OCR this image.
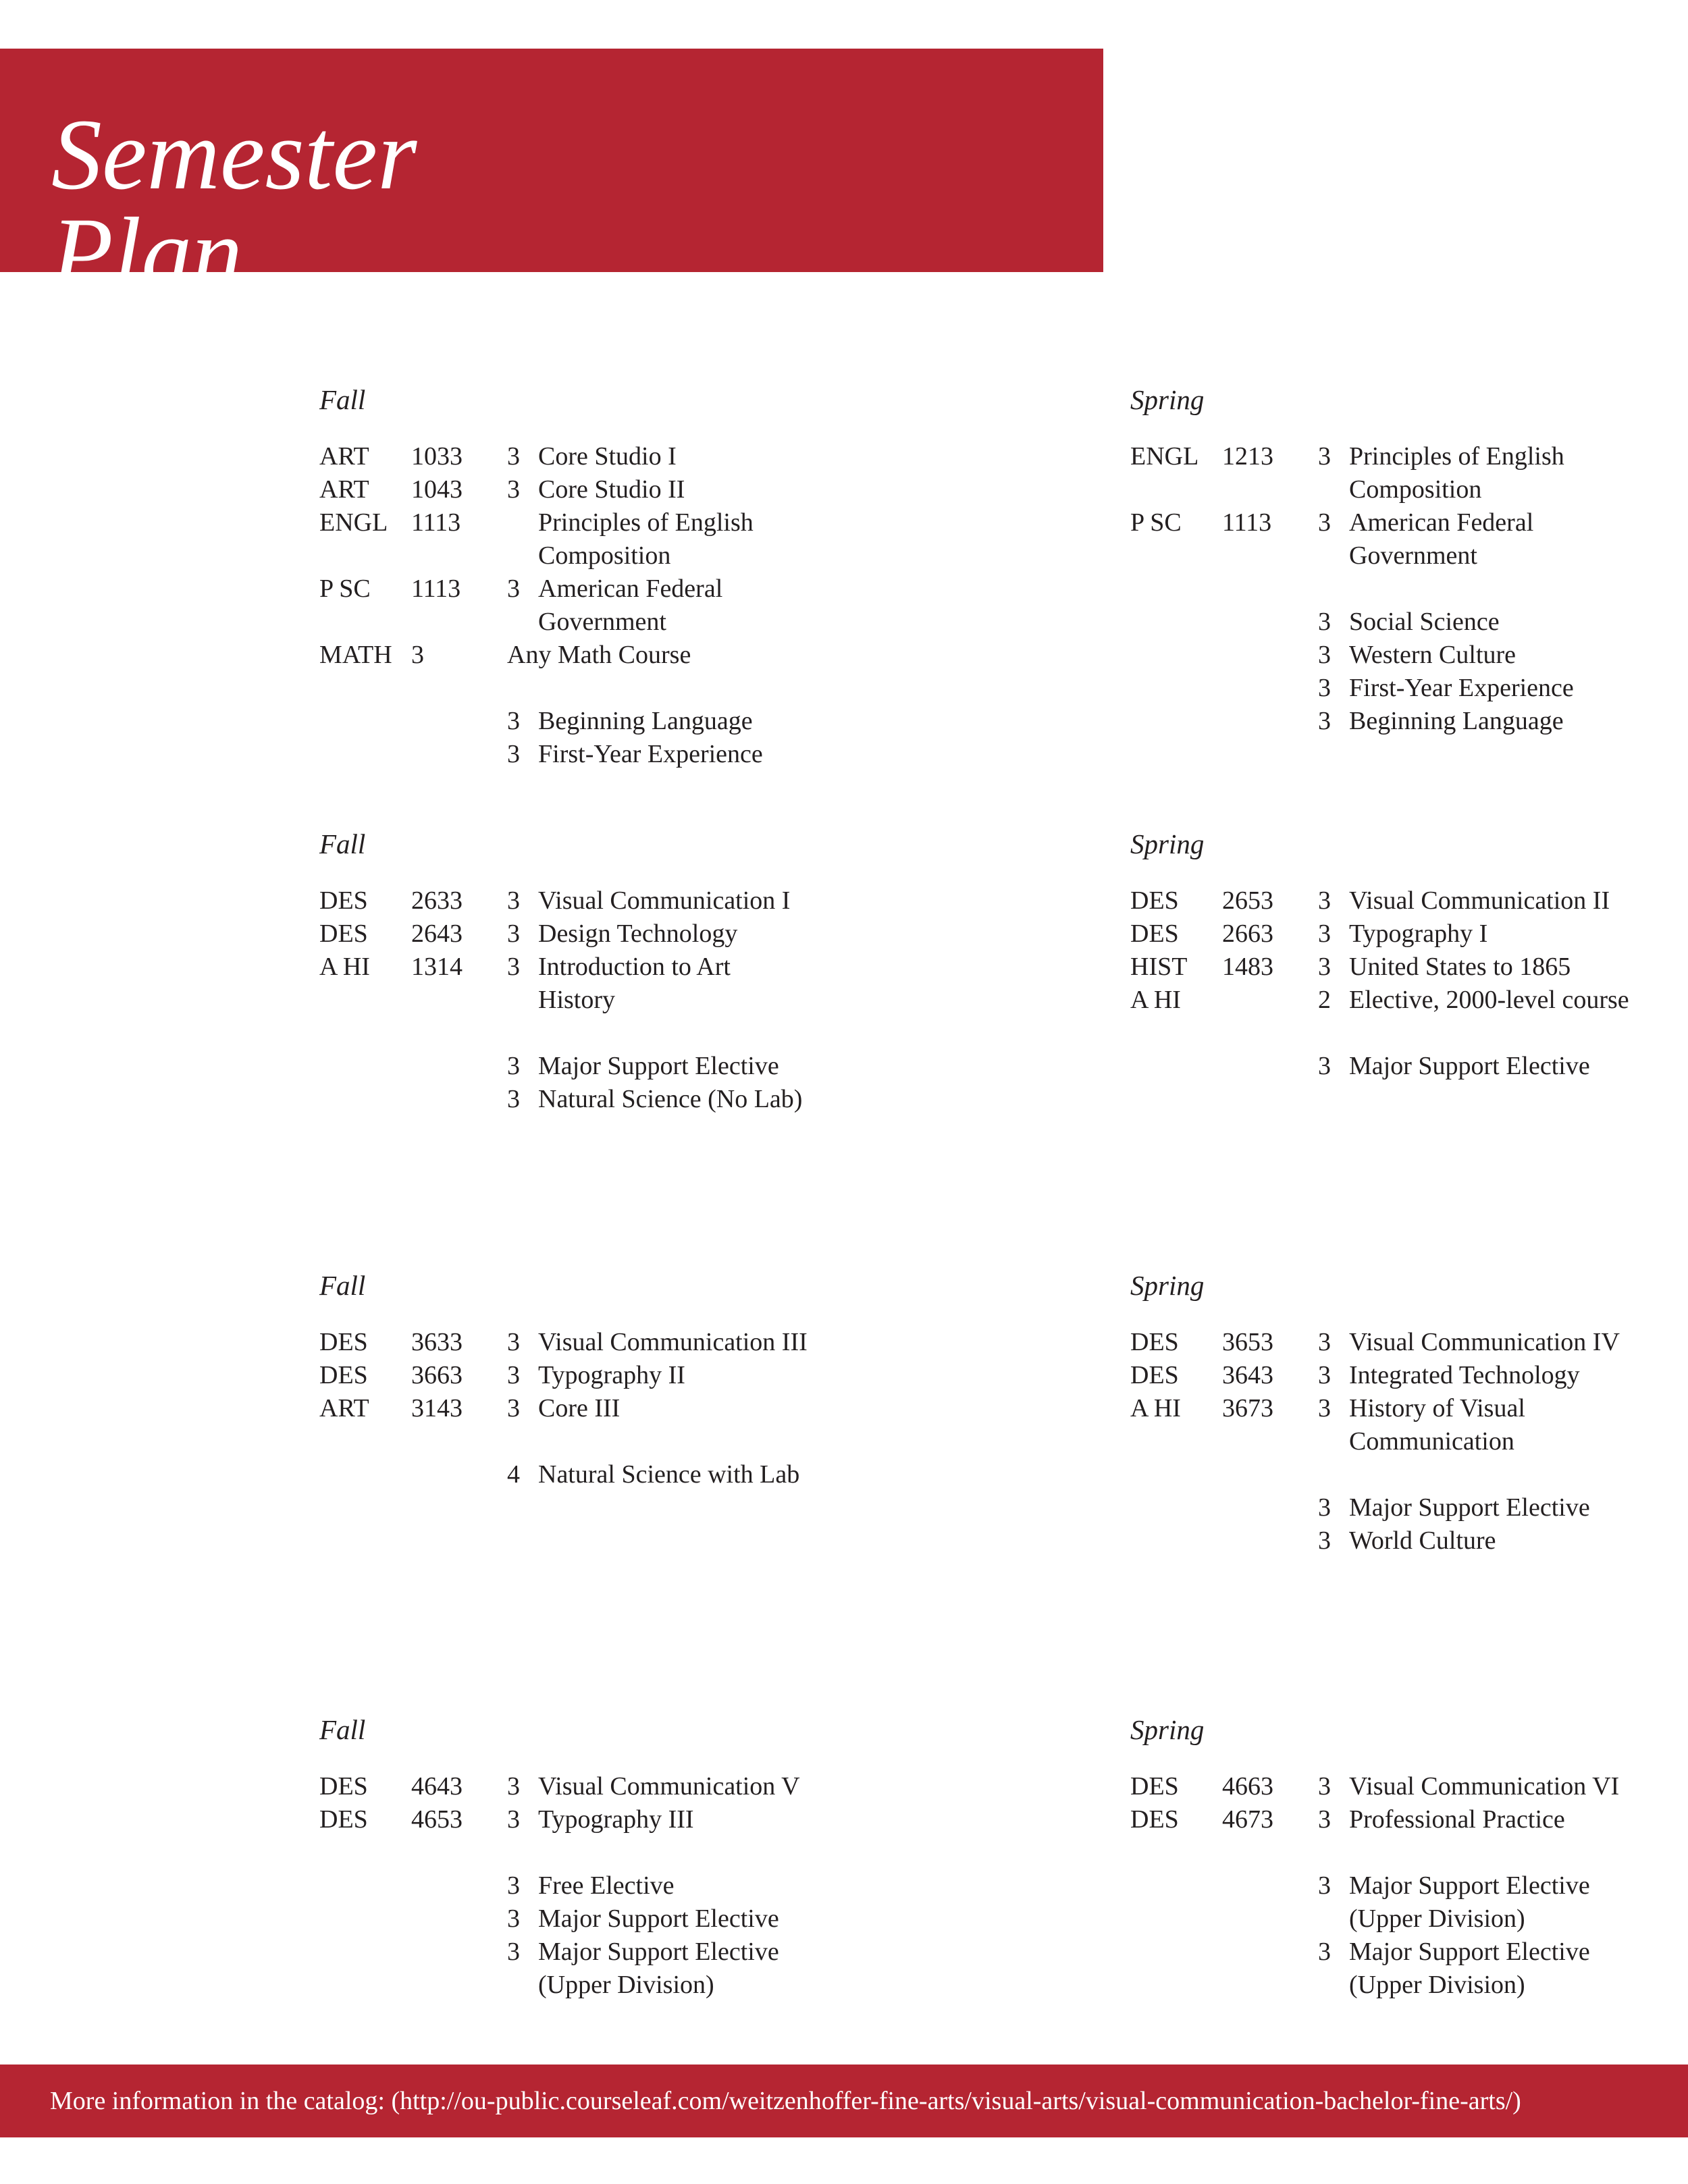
Semester
Plan
Fall
ART 1033 3 Core Studio I
ART 1043 3 Core Studio II
ENGL 1113	Principles of English
Composition
P SC 1113 3 American Federal
Government
MATH 3	Any Math Course
3 Beginning Language
3 First-Year Experience
Spring
ENGL 1213 3 Principles of English
Composition
P SC 1113 3 American Federal
Government
3 Social Science
3 Western Culture
3 First-Year Experience
3 Beginning Language
Fall
DES 2633 3 Visual Communication I
DES 2643 3 Design Technology
A HI 1314 3 Introduction to Art
History
3 Major Support Elective
3 Natural Science (No Lab)
Spring
DES 2653 3 Visual Communication II
DES 2663 3 Typography I
HIST 1483 3 United States to 1865
A HI	2 Elective, 2000-level course
3 Major Support Elective
Fall
DES 3633 3 Visual Communication III
DES 3663 3 Typography II
ART 3143 3 Core III
4 Natural Science with Lab
Spring
DES 3653 3 Visual Communication IV
DES 3643 3 Integrated Technology
A HI 3673 3 History of Visual
Communication
3 Major Support Elective
3 World Culture
Fall
DES 4643 3 Visual Communication V
DES 4653 3 Typography III
3 Free Elective
3 Major Support Elective
3 Major Support Elective
(Upper Division)
Spring
DES 4663 3 Visual Communication VI
DES 4673 3 Professional Practice
3 Major Support Elective
(Upper Division)
3 Major Support Elective
(Upper Division)
More information in the catalog: (http://ou-public.courseleaf.com/weitzenhoffer-fine-arts/visual-arts/visual-communication-bachelor-fine-arts/)
